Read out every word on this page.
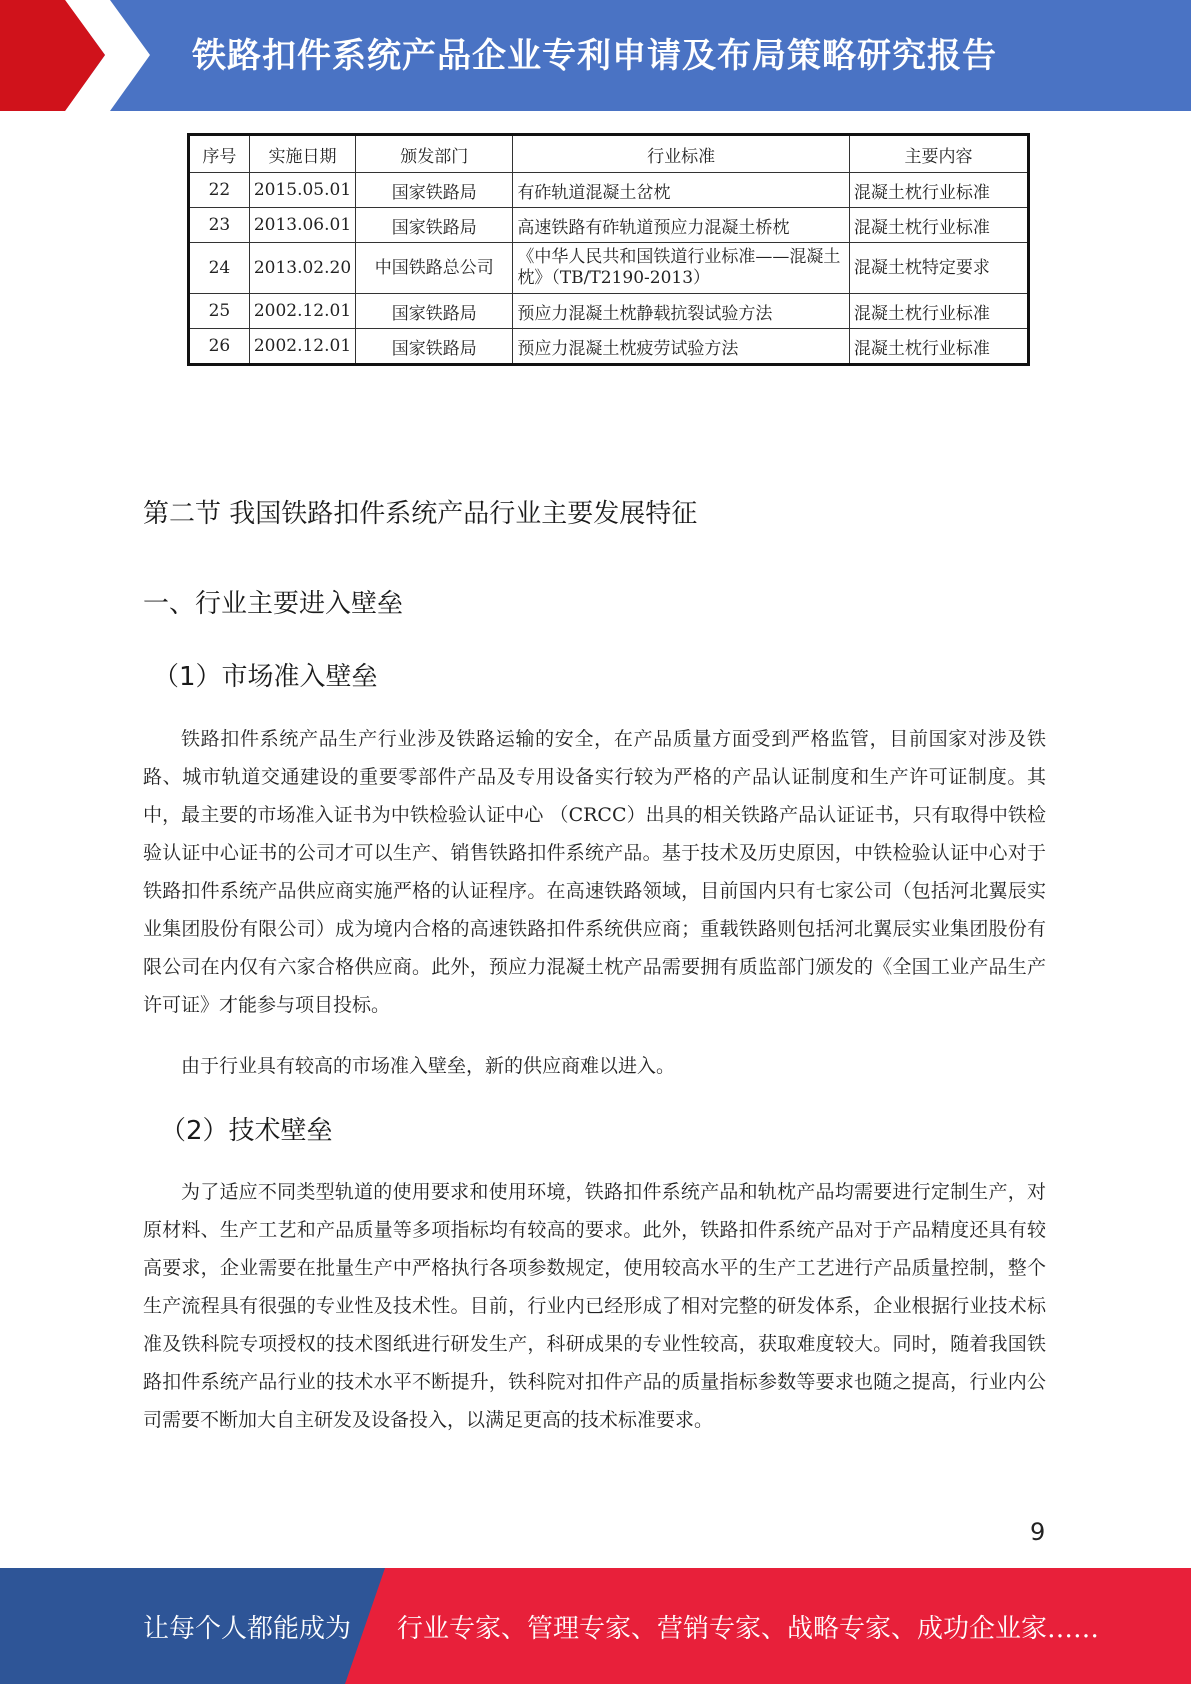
铁路扣件系统产品企业专利申请及布局策略研究报告
序号	实施日期	颁发部门	行业标准	主要内容
22	2015.05.01	国家铁路局	有砟轨道混凝土岔枕	混凝土枕行业标准
23	2013.06.01	国家铁路局	高速铁路有砟轨道预应力混凝土桥枕	混凝土枕行业标准
24	2013.02.20	中国铁路总公司	《中华人民共和国铁道行业标准——混凝土枕》（TB/T2190-2013）	混凝土枕特定要求
25	2002.12.01	国家铁路局	预应力混凝土枕静载抗裂试验方法	混凝土枕行业标准
26	2002.12.01	国家铁路局	预应力混凝土枕疲劳试验方法	混凝土枕行业标准
第二节 我国铁路扣件系统产品行业主要发展特征
一、行业主要进入壁垒
（1）市场准入壁垒

铁路扣件系统产品生产行业涉及铁路运输的安全，在产品质量方面受到严格监管，目前国家对涉及铁路、城市轨道交通建设的重要零部件产品及专用设备实行较为严格的产品认证制度和生产许可证制度。其中，最主要的市场准入证书为中铁检验认证中心 （CRCC）出具的相关铁路产品认证证书，只有取得中铁检验认证中心证书的公司才可以生产、销售铁路扣件系统产品。基于技术及历史原因，中铁检验认证中心对于铁路扣件系统产品供应商实施严格的认证程序。在高速铁路领域，目前国内只有七家公司（包括河北翼辰实业集团股份有限公司）成为境内合格的高速铁路扣件系统供应商；重载铁路则包括河北翼辰实业集团股份有限公司在内仅有六家合格供应商。此外，预应力混凝土枕产品需要拥有质监部门颁发的《全国工业产品生产许可证》才能参与项目投标。

由于行业具有较高的市场准入壁垒，新的供应商难以进入。

（2）技术壁垒

为了适应不同类型轨道的使用要求和使用环境，铁路扣件系统产品和轨枕产品均需要进行定制生产，对原材料、生产工艺和产品质量等多项指标均有较高的要求。此外，铁路扣件系统产品对于产品精度还具有较高要求，企业需要在批量生产中严格执行各项参数规定，使用较高水平的生产工艺进行产品质量控制，整个生产流程具有很强的专业性及技术性。目前，行业内已经形成了相对完整的研发体系，企业根据行业技术标准及铁科院专项授权的技术图纸进行研发生产，科研成果的专业性较高，获取难度较大。同时，随着我国铁路扣件系统产品行业的技术水平不断提升，铁科院对扣件产品的质量指标参数等要求也随之提高，行业内公司需要不断加大自主研发及设备投入，以满足更高的技术标准要求。

9
让每个人都能成为 行业专家、管理专家、营销专家、战略专家、成功企业家……
